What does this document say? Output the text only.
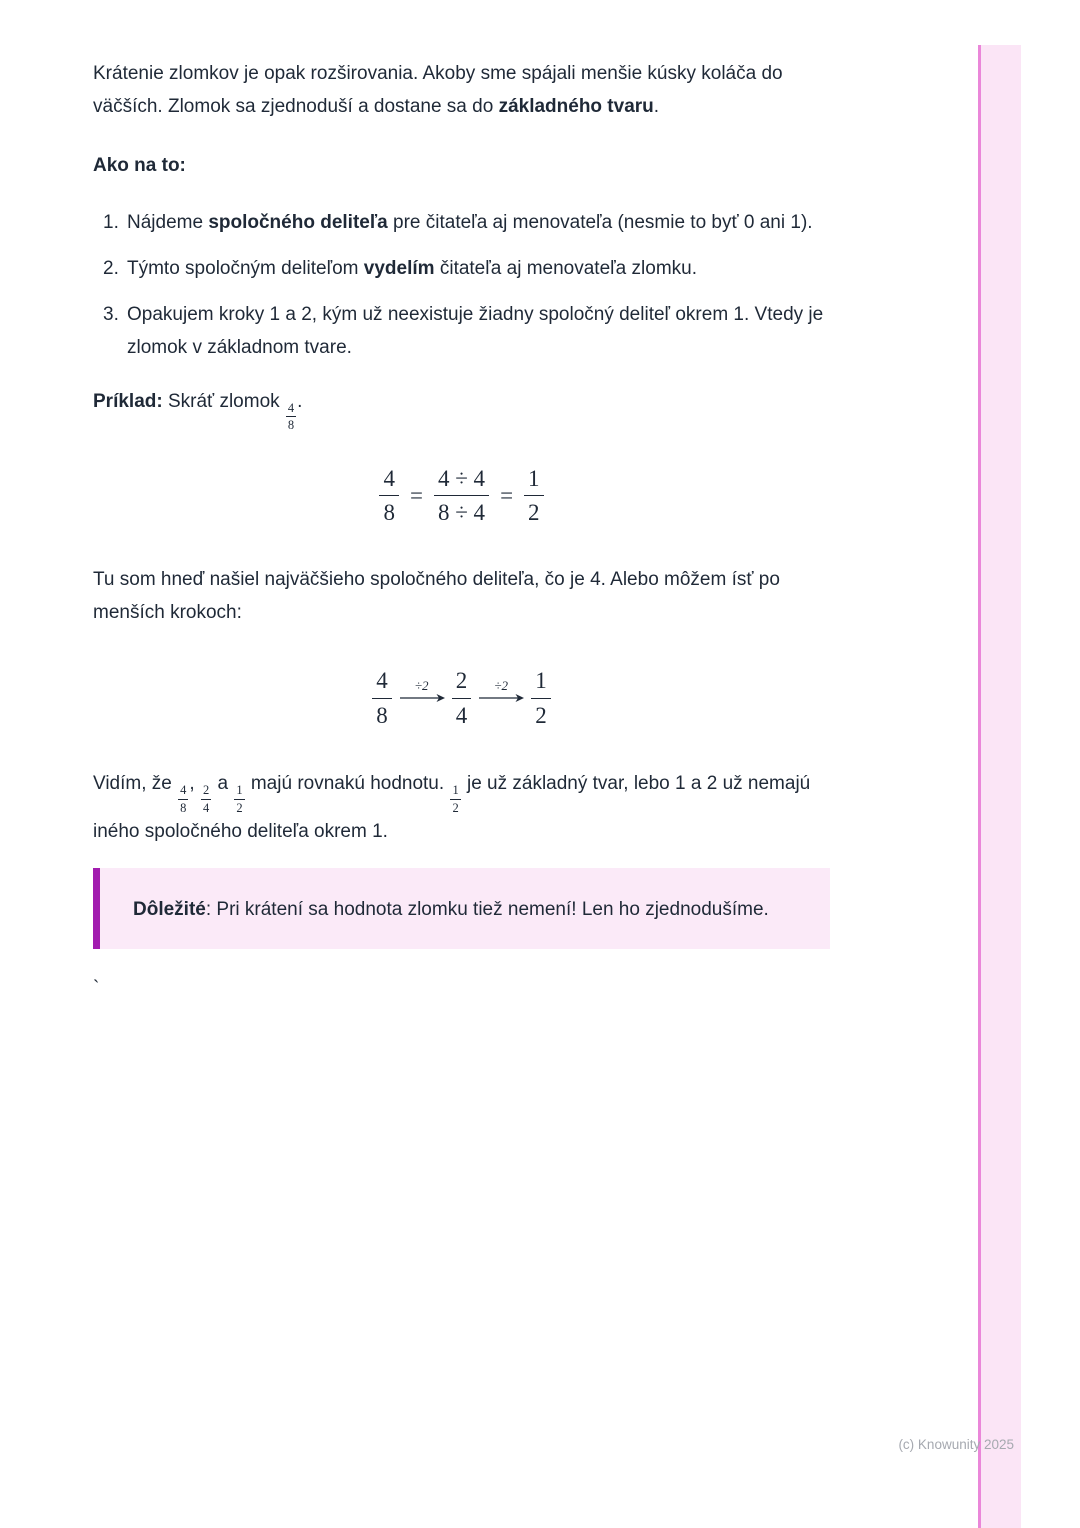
Krátenie zlomkov je opak rozširovania. Akoby sme spájali menšie kúsky koláča do väčších. Zlomok sa zjednoduší a dostane sa do základného tvaru.

Ako na to:
1. Nájdeme spoločného deliteľa pre čitateľa aj menovateľa (nesmie to byť 0 ani 1).
2. Týmto spoločným deliteľom vydelím čitateľa aj menovateľa zlomku.
3. Opakujem kroky 1 a 2, kým už neexistuje žiadny spoločný deliteľ okrem 1. Vtedy je zlomok v základnom tvare.

Príklad: Skráť zlomok $\frac{4}{8}$ .

$\frac{4}{8} = \frac{4 \div 4}{8 \div 4} = \frac{1}{2}$

Tu som hneď našiel najväčšieho spoločného deliteľa, čo je 4. Alebo môžem ísť po menších krokoch:

$\frac{4}{8} \div 2 \frac{2}{4} \div 2 \frac{1}{2}$

Vidím, že $\frac{4}{8}$ , $\frac{2}{4}$ a $\frac{1}{2}$ majú rovnakú hodnotu. $\frac{1}{2}$ je už základný tvar, lebo 1 a 2 už nemajú iného spoločného deliteľa okrem 1.

Dôležité: Pri krátení sa hodnota zlomku tiež nemení! Len ho zjednodušíme.

`
(c) Knowunity 2025
